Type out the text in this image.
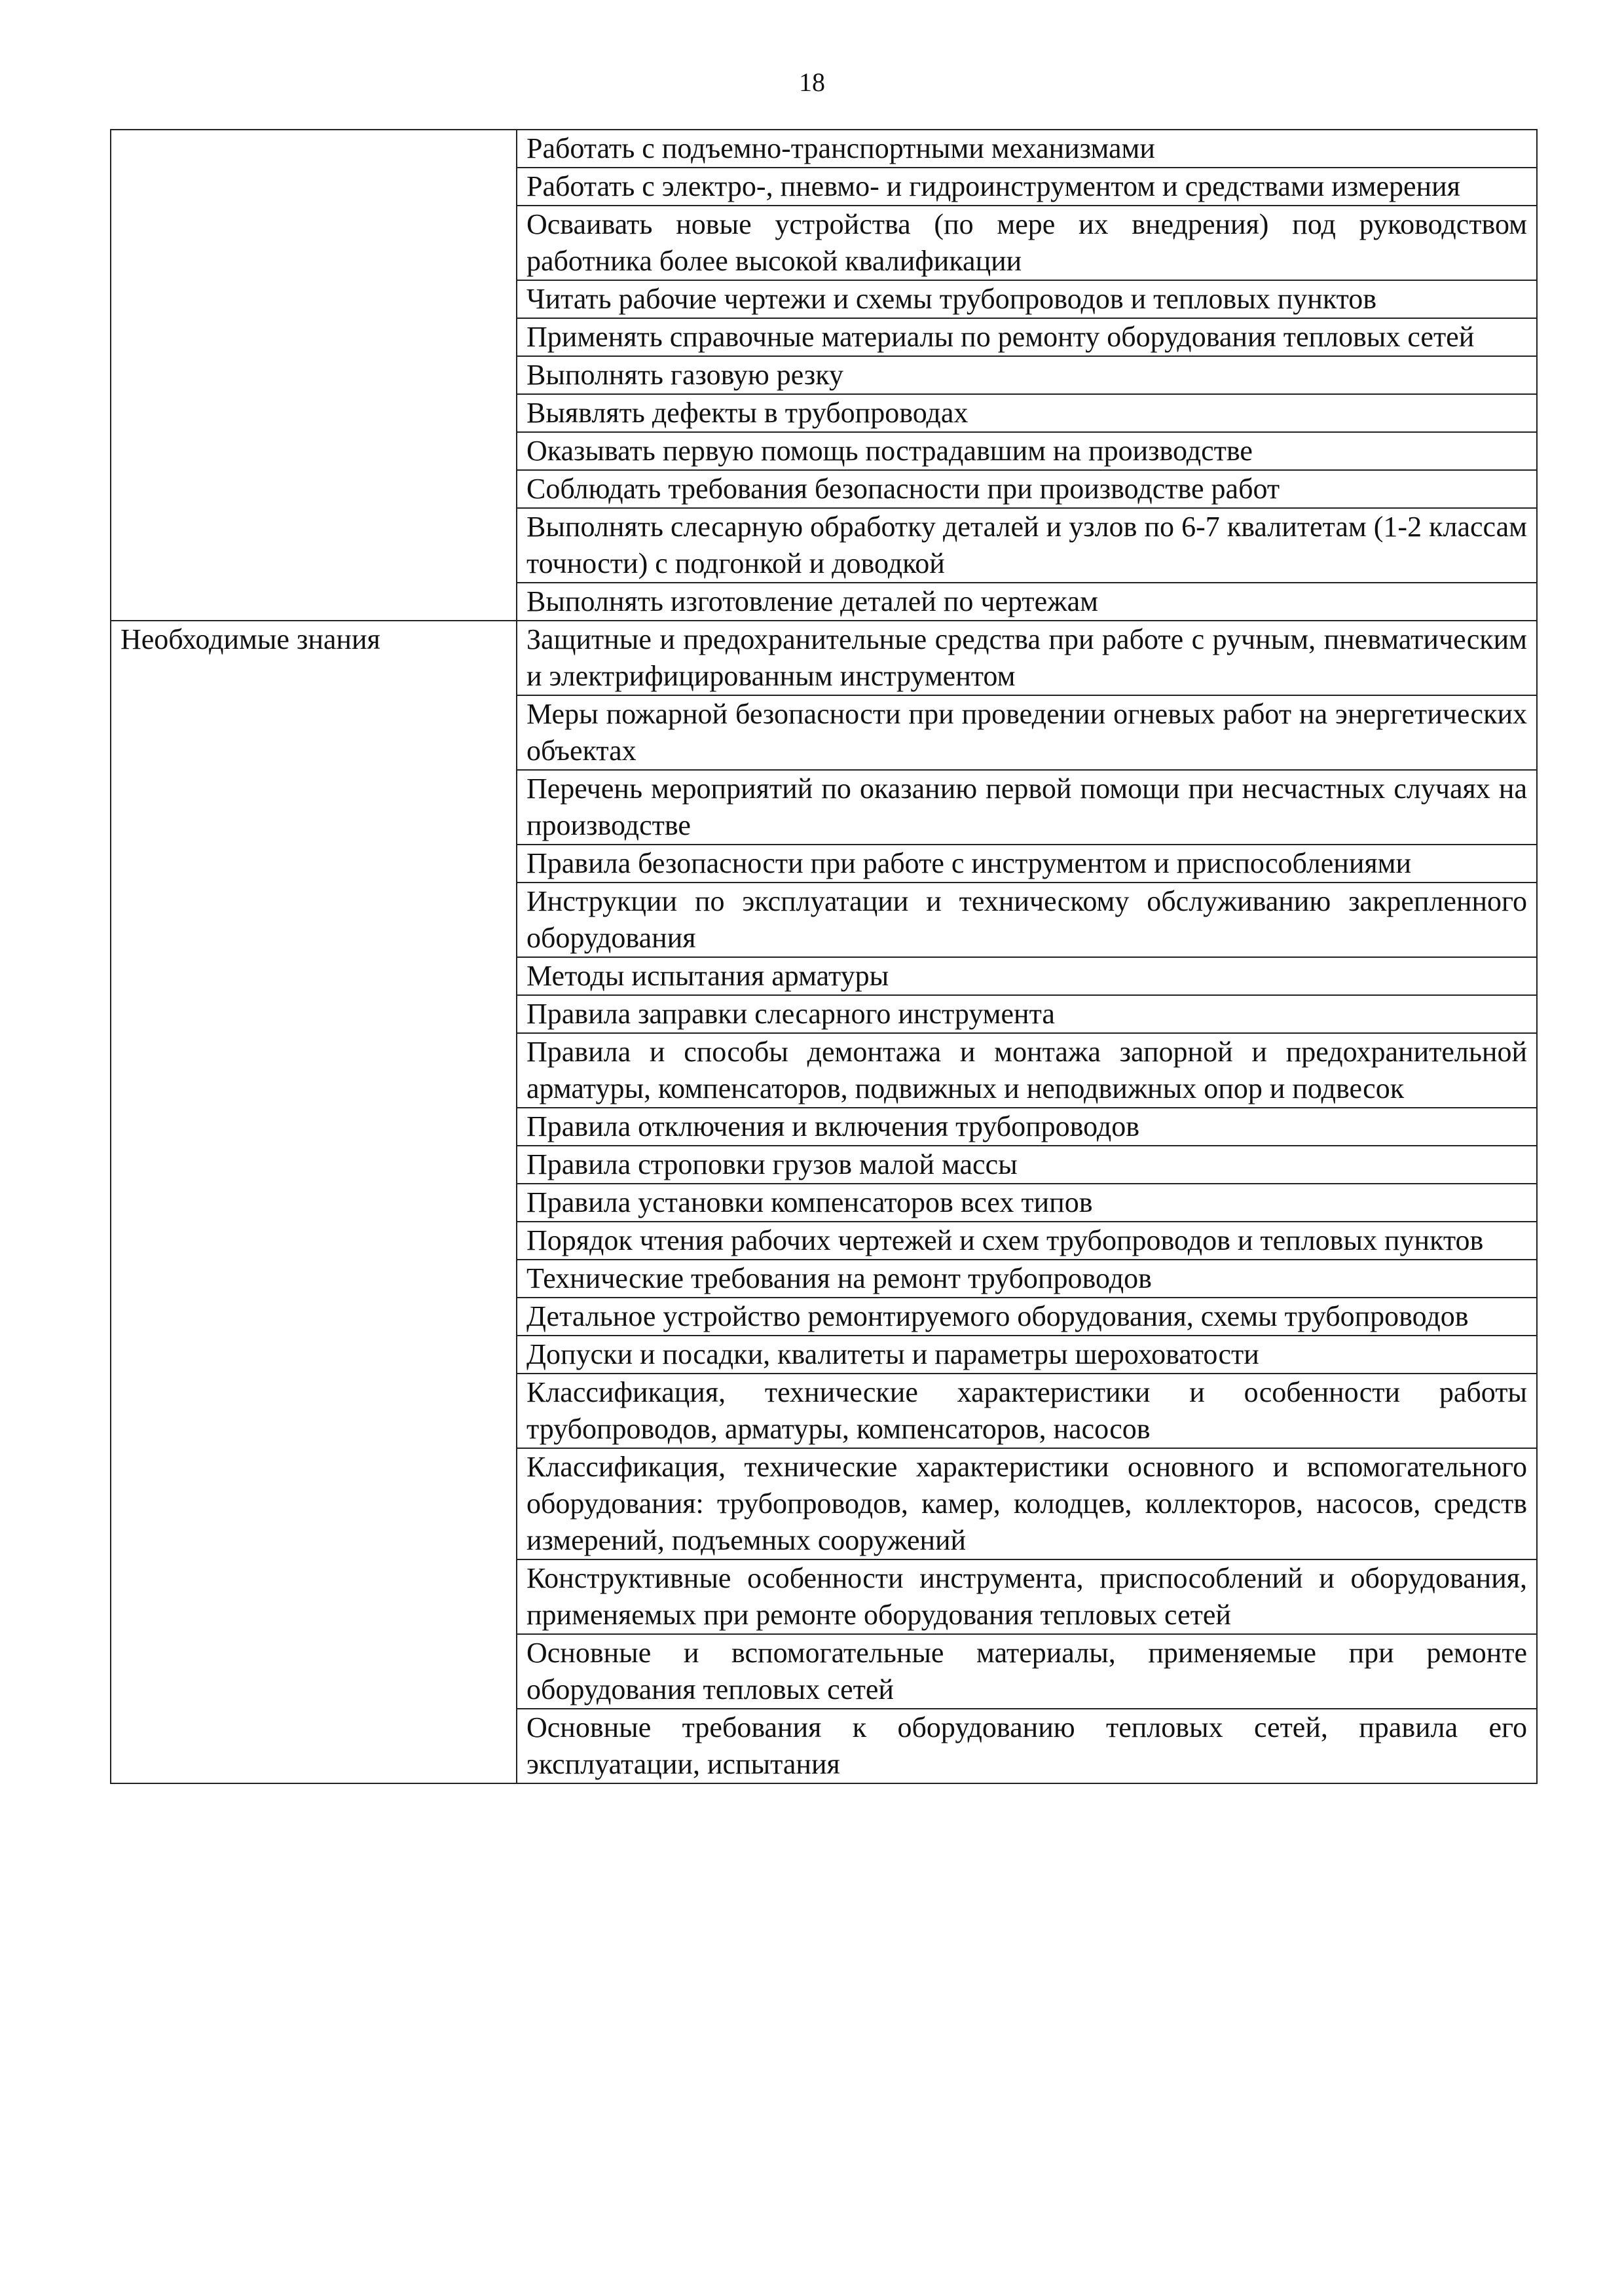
18
	Работать с подъемно-транспортными механизмами
	Работать с электро-, пневмо- и гидроинструментом и средствами измерения
	Осваивать новые устройства (по мере их внедрения) под руководством работника более высокой квалификации
	Читать рабочие чертежи и схемы трубопроводов и тепловых пунктов
	Применять справочные материалы по ремонту оборудования тепловых сетей
	Выполнять газовую резку
	Выявлять дефекты в трубопроводах
	Оказывать первую помощь пострадавшим на производстве
	Соблюдать требования безопасности при производстве работ
	Выполнять слесарную обработку деталей и узлов по 6-7 квалитетам (1-2 классам точности) с подгонкой и доводкой
	Выполнять изготовление деталей по чертежам
Необходимые знания	Защитные и предохранительные средства при работе с ручным, пневматическим и электрифицированным инструментом
	Меры пожарной безопасности при проведении огневых работ на энергетических объектах
	Перечень мероприятий по оказанию первой помощи при несчастных случаях на производстве
	Правила безопасности при работе с инструментом и приспособлениями
	Инструкции по эксплуатации и техническому обслуживанию закрепленного оборудования
	Методы испытания арматуры
	Правила заправки слесарного инструмента
	Правила и способы демонтажа и монтажа запорной и предохранительной арматуры, компенсаторов, подвижных и неподвижных опор и подвесок
	Правила отключения и включения трубопроводов
	Правила строповки грузов малой массы
	Правила установки компенсаторов всех типов
	Порядок чтения рабочих чертежей и схем трубопроводов и тепловых пунктов
	Технические требования на ремонт трубопроводов
	Детальное устройство ремонтируемого оборудования, схемы трубопроводов
	Допуски и посадки, квалитеты и параметры шероховатости
	Классификация, технические характеристики и особенности работы трубопроводов, арматуры, компенсаторов, насосов
	Классификация, технические характеристики основного и вспомогательного оборудования: трубопроводов, камер, колодцев, коллекторов, насосов, средств измерений, подъемных сооружений
	Конструктивные особенности инструмента, приспособлений и оборудования, применяемых при ремонте оборудования тепловых сетей
	Основные и вспомогательные материалы, применяемые при ремонте оборудования тепловых сетей
	Основные требования к оборудованию тепловых сетей, правила его эксплуатации, испытания
